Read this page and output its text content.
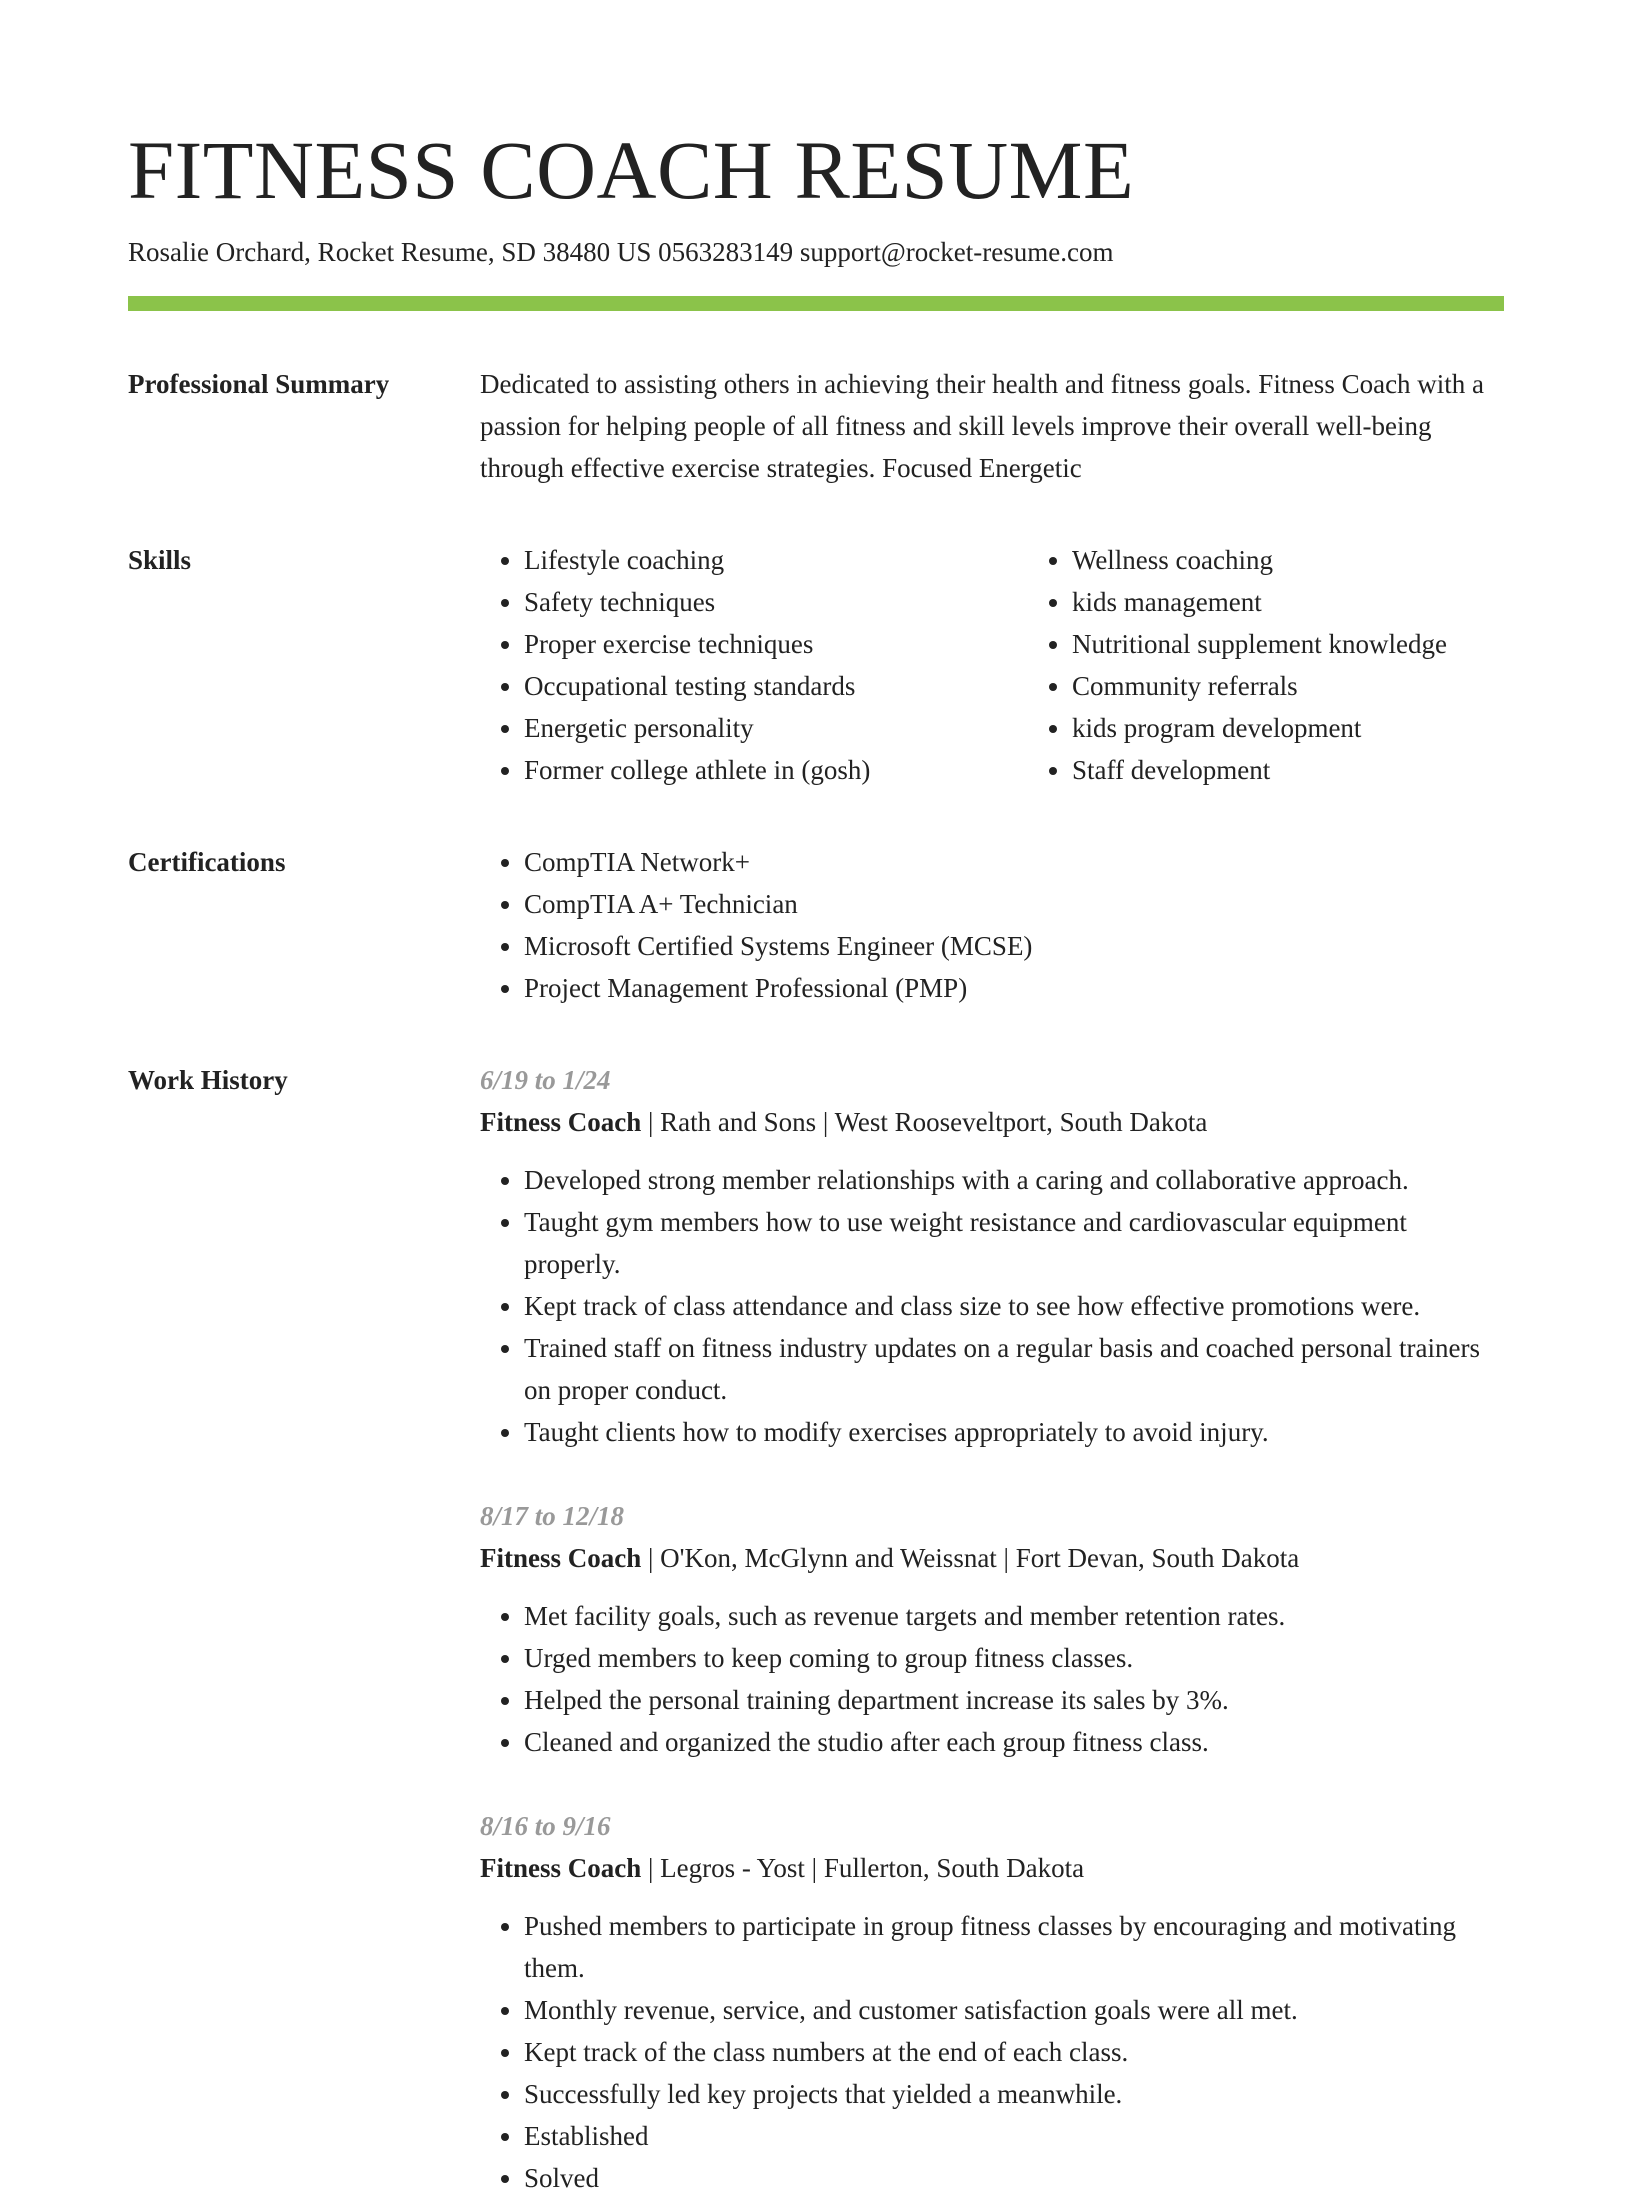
FITNESS COACH RESUME
Rosalie Orchard, Rocket Resume, SD 38480 US 0563283149 support@rocket-resume.com
Professional Summary	Dedicated to assisting others in achieving their health and fitness goals. Fitness Coach with a passion for helping people of all fitness and skill levels improve their overall well-being through effective exercise strategies. Focused Energetic
Skills	• Lifestyle coaching
• Safety techniques
• Proper exercise techniques
• Occupational testing standards
• Energetic personality
• Former college athlete in (gosh)
• Wellness coaching
• kids management
• Nutritional supplement knowledge
• Community referrals
• kids program development
• Staff development
Certifications	• CompTIA Network+
• CompTIA A+ Technician
• Microsoft Certified Systems Engineer (MCSE)
• Project Management Professional (PMP)
Work History	6/19 to 1/24
Fitness Coach | Rath and Sons | West Rooseveltport, South Dakota
• Developed strong member relationships with a caring and collaborative approach.
• Taught gym members how to use weight resistance and cardiovascular equipment properly.
• Kept track of class attendance and class size to see how effective promotions were.
• Trained staff on fitness industry updates on a regular basis and coached personal trainers on proper conduct.
• Taught clients how to modify exercises appropriately to avoid injury.
8/17 to 12/18
Fitness Coach | O'Kon, McGlynn and Weissnat | Fort Devan, South Dakota
• Met facility goals, such as revenue targets and member retention rates.
• Urged members to keep coming to group fitness classes.
• Helped the personal training department increase its sales by 3%.
• Cleaned and organized the studio after each group fitness class.
8/16 to 9/16
Fitness Coach | Legros - Yost | Fullerton, South Dakota
• Pushed members to participate in group fitness classes by encouraging and motivating them.
• Monthly revenue, service, and customer satisfaction goals were all met.
• Kept track of the class numbers at the end of each class.
• Successfully led key projects that yielded a meanwhile.
• Established
• Solved
